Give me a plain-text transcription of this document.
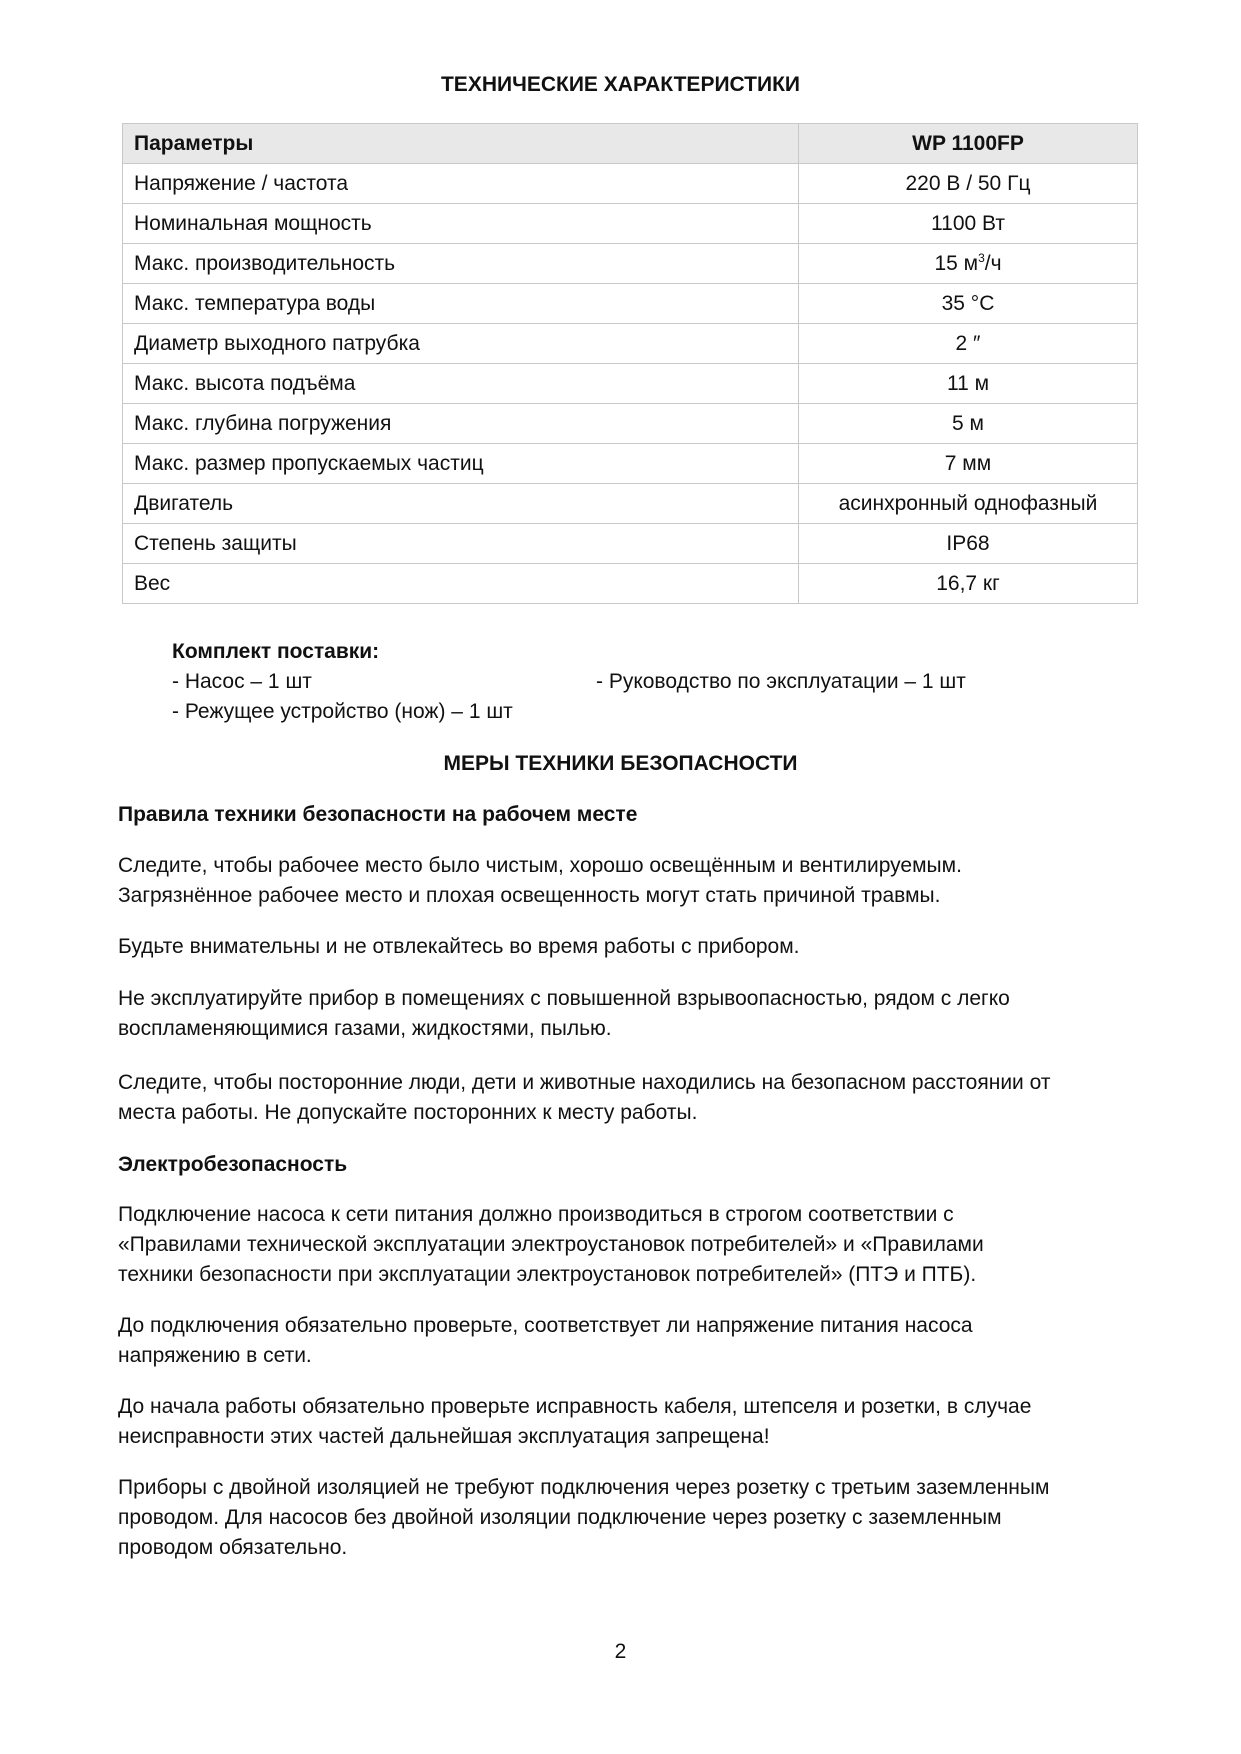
ТЕХНИЧЕСКИЕ ХАРАКТЕРИСТИКИ
Параметры	WP 1100FP
Напряжение / частота	220 В / 50 Гц
Номинальная мощность	1100 Вт
Макс. производительность	15 $м^3/ч$
Макс. температура воды	35 °C
Диаметр выходного патрубка	2 ″
Макс. высота подъёма	11 м
Макс. глубина погружения	5 м
Макс. размер пропускаемых частиц	7 мм
Двигатель	асинхронный однофазный
Степень защиты	IP68
Вес	16,7 кг
Комплект поставки:
- Насос – 1 шт	- Руководство по эксплуатации – 1 шт
- Режущее устройство (нож) – 1 шт
МЕРЫ ТЕХНИКИ БЕЗОПАСНОСТИ
Правила техники безопасности на рабочем месте

Следите, чтобы рабочее место было чистым, хорошо освещённым и вентилируемым.
Загрязнённое рабочее место и плохая освещенность могут стать причиной травмы.

Будьте внимательны и не отвлекайтесь во время работы с прибором.

Не эксплуатируйте прибор в помещениях с повышенной взрывоопасностью, рядом с легко
воспламеняющимися газами, жидкостями, пылью.

Следите, чтобы посторонние люди, дети и животные находились на безопасном расстоянии от
места работы. Не допускайте посторонних к месту работы.

Электробезопасность

Подключение насоса к сети питания должно производиться в строгом соответствии с
«Правилами технической эксплуатации электроустановок потребителей» и «Правилами
техники безопасности при эксплуатации электроустановок потребителей» (ПТЭ и ПТБ).

До подключения обязательно проверьте, соответствует ли напряжение питания насоса
напряжению в сети.

До начала работы обязательно проверьте исправность кабеля, штепселя и розетки, в случае
неисправности этих частей дальнейшая эксплуатация запрещена!

Приборы с двойной изоляцией не требуют подключения через розетку с третьим заземленным
проводом. Для насосов без двойной изоляции подключение через розетку с заземленным
проводом обязательно.

2
